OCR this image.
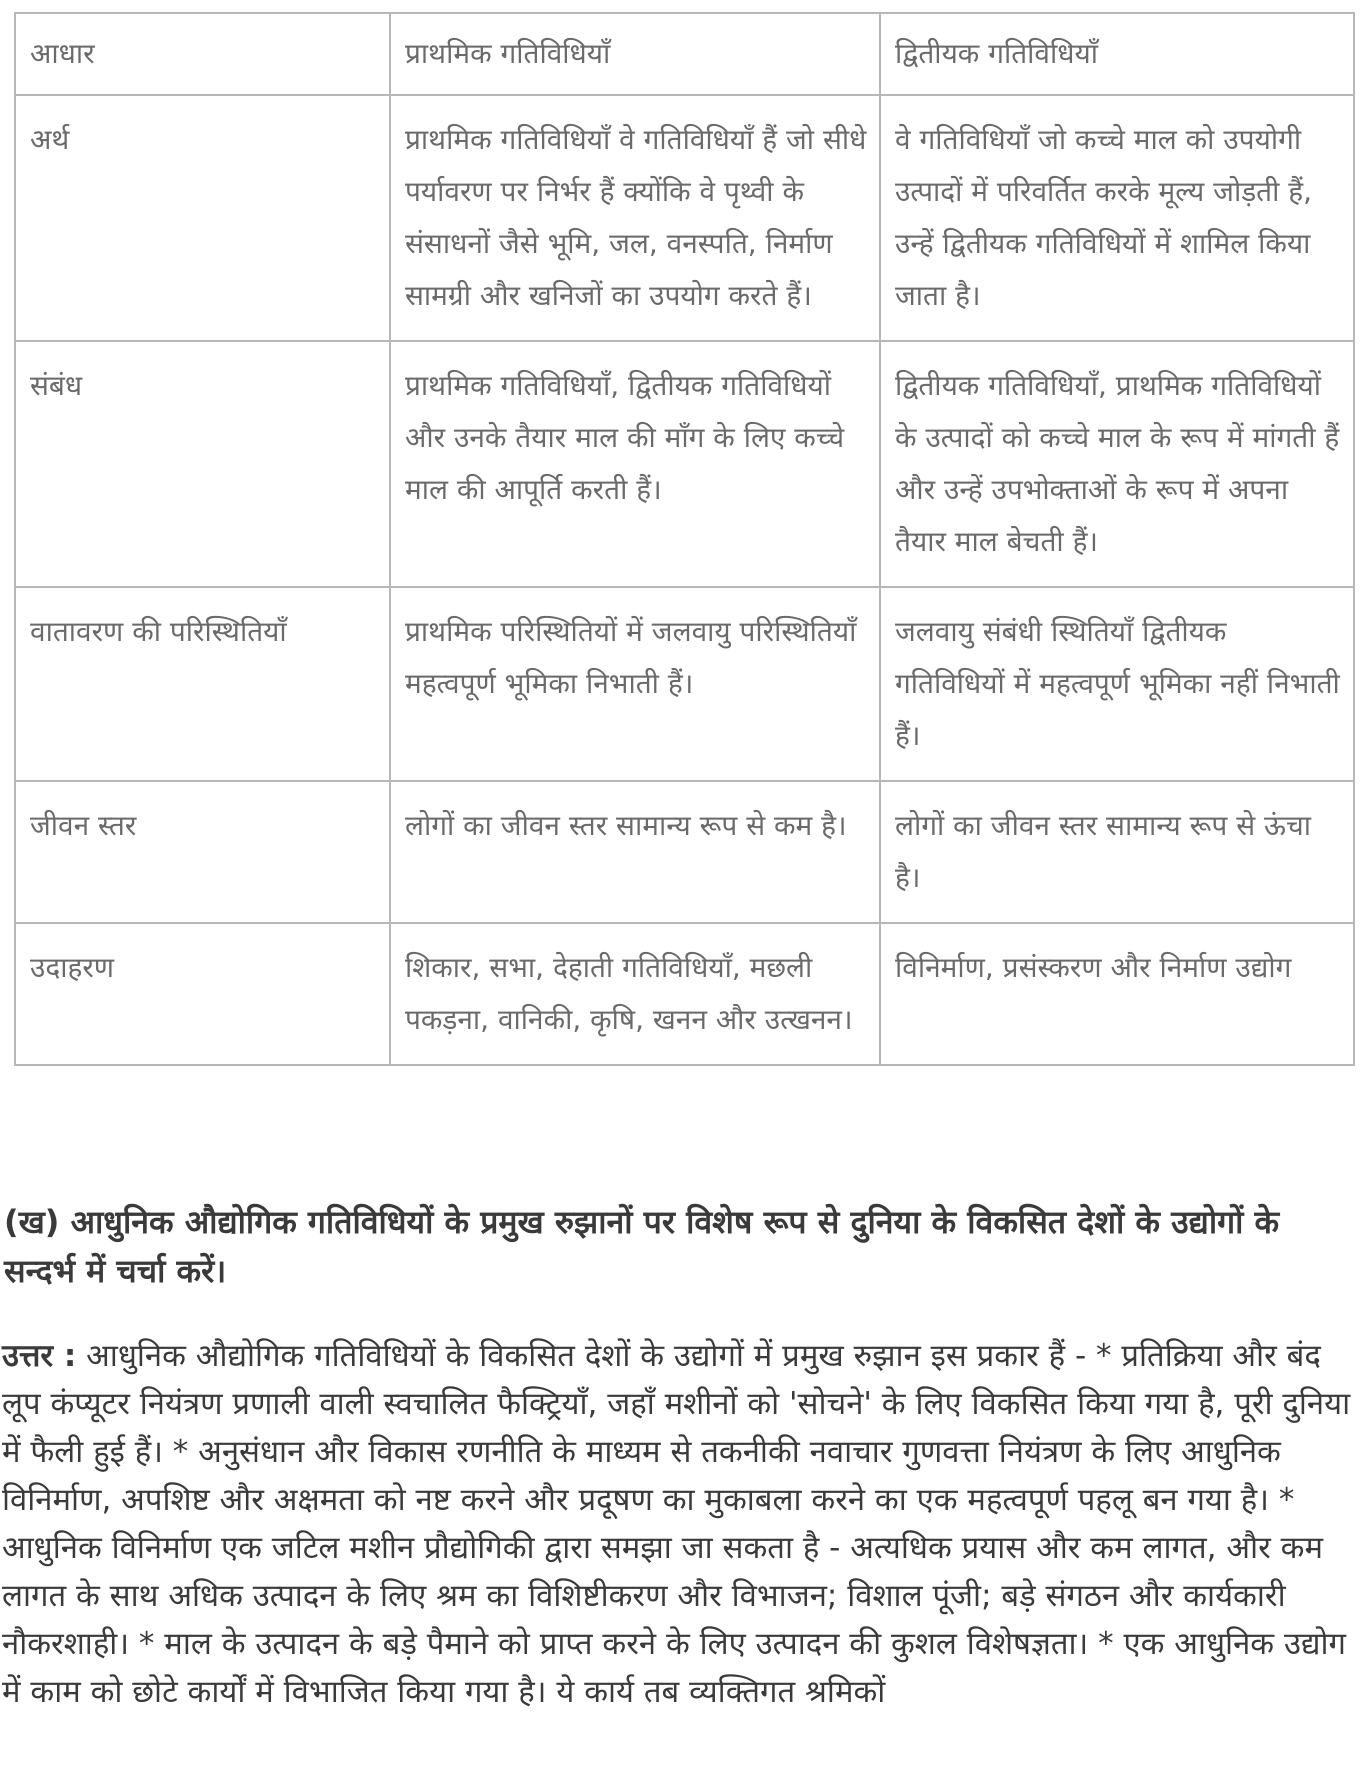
आधार	प्राथमिक गतिविधियाँ	द्वितीयक गतिविधियाँ
अर्थ	प्राथमिक गतिविधियाँ वे गतिविधियाँ हैं जो सीधे पर्यावरण पर निर्भर हैं क्योंकि वे पृथ्वी के संसाधनों जैसे भूमि, जल, वनस्पति, निर्माण सामग्री और खनिजों का उपयोग करते हैं।	वे गतिविधियाँ जो कच्चे माल को उपयोगी उत्पादों में परिवर्तित करके मूल्य जोड़ती हैं, उन्हें द्वितीयक गतिविधियों में शामिल किया जाता है।
संबंध	प्राथमिक गतिविधियाँ, द्वितीयक गतिविधियों और उनके तैयार माल की माँग के लिए कच्चे माल की आपूर्ति करती हैं।	द्वितीयक गतिविधियाँ, प्राथमिक गतिविधियों के उत्पादों को कच्चे माल के रूप में मांगती हैं और उन्हें उपभोक्ताओं के रूप में अपना तैयार माल बेचती हैं।
वातावरण की परिस्थितियाँ	प्राथमिक परिस्थितियों में जलवायु परिस्थितियाँ महत्वपूर्ण भूमिका निभाती हैं।	जलवायु संबंधी स्थितियाँ द्वितीयक गतिविधियों में महत्वपूर्ण भूमिका नहीं निभाती हैं।
जीवन स्तर	लोगों का जीवन स्तर सामान्य रूप से कम है।	लोगों का जीवन स्तर सामान्य रूप से ऊंचा है।
उदाहरण	शिकार, सभा, देहाती गतिविधियाँ, मछली पकड़ना, वानिकी, कृषि, खनन और उत्खनन।	विनिर्माण, प्रसंस्करण और निर्माण उद्योग
(ख) आधुनिक औद्योगिक गतिविधियों के प्रमुख रुझानों पर विशेष रूप से दुनिया के विकसित देशों के उद्योगों के सन्दर्भ में चर्चा करें।
उत्तर : आधुनिक औद्योगिक गतिविधियों के विकसित देशों के उद्योगों में प्रमुख रुझान इस प्रकार हैं - * प्रतिक्रिया और बंद लूप कंप्यूटर नियंत्रण प्रणाली वाली स्वचालित फैक्ट्रियाँ, जहाँ मशीनों को 'सोचने' के लिए विकसित किया गया है, पूरी दुनिया में फैली हुई हैं। * अनुसंधान और विकास रणनीति के माध्यम से तकनीकी नवाचार गुणवत्ता नियंत्रण के लिए आधुनिक विनिर्माण, अपशिष्ट और अक्षमता को नष्ट करने और प्रदूषण का मुकाबला करने का एक महत्वपूर्ण पहलू बन गया है। * आधुनिक विनिर्माण एक जटिल मशीन प्रौद्योगिकी द्वारा समझा जा सकता है - अत्यधिक प्रयास और कम लागत, और कम लागत के साथ अधिक उत्पादन के लिए श्रम का विशिष्टीकरण और विभाजन; विशाल पूंजी; बड़े संगठन और कार्यकारी नौकरशाही। * माल के उत्पादन के बड़े पैमाने को प्राप्त करने के लिए उत्पादन की कुशल विशेषज्ञता। * एक आधुनिक उद्योग में काम को छोटे कार्यों में विभाजित किया गया है। ये कार्य तब व्यक्तिगत श्रमिकों
